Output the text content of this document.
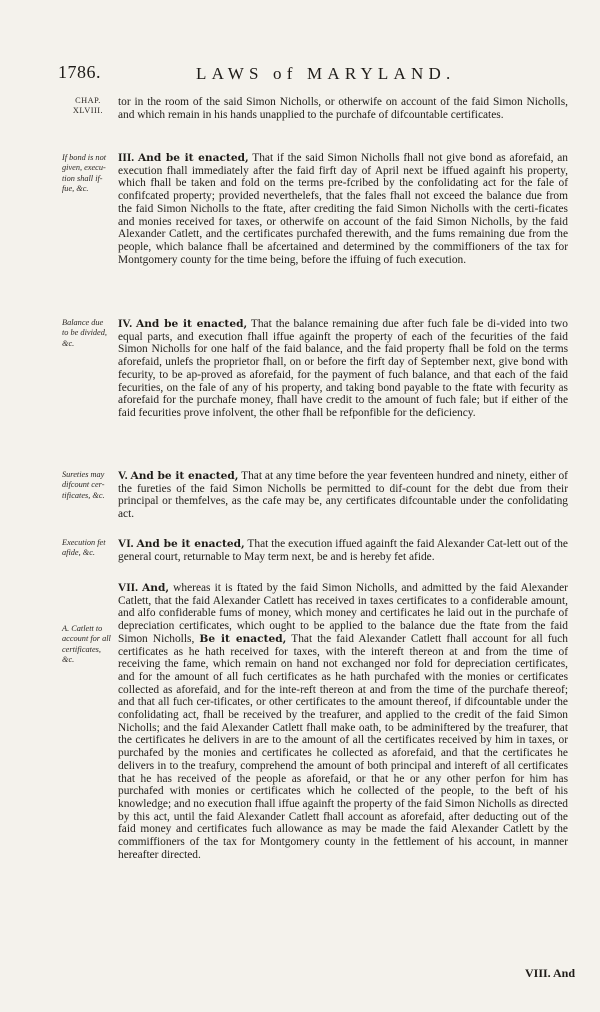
1786.	LAWS of MARYLAND.
CHAP.
XLVIII.

tor in the room of the said Simon Nicholls, or otherwife on account of the faid Simon Nicholls, and which remain in his hands unapplied to the purchafe of difcountable certificates.

If bond is not
given, execu-
tion shall if-
fue, &c.

III. And be it enacted, That if the said Simon Nicholls fhall not give bond as aforefaid, an execution fhall immediately after the faid firft day of April next be iffued againft his property, which fhall be taken and fold on the terms pre-fcribed by the confolidating act for the fale of confifcated property; provided neverthelefs, that the fales fhall not exceed the balance due from the faid Simon Nicholls to the ftate, after crediting the faid Simon Nicholls with the certi-ficates and monies received for taxes, or otherwife on account of the faid Simon Nicholls, by the faid Alexander Catlett, and the certificates purchafed therewith, and the fums remaining due from the people, which balance fhall be afcertained and determined by the commiffioners of the tax for Montgomery county for the time being, before the iffuing of fuch execution.

Balance due
to be divided,
&c.

IV. And be it enacted, That the balance remaining due after fuch fale be di-vided into two equal parts, and execution fhall iffue againft the property of each of the fecurities of the faid Simon Nicholls for one half of the faid balance, and the faid property fhall be fold on the terms aforefaid, unlefs the proprietor fhall, on or before the firft day of September next, give bond with fecurity, to be ap-proved as aforefaid, for the payment of fuch balance, and that each of the faid fecurities, on the fale of any of his property, and taking bond payable to the ftate with fecurity as aforefaid for the purchafe money, fhall have credit to the amount of fuch fale; but if either of the faid fecurities prove infolvent, the other fhall be refponfible for the deficiency.

Sureties may
difcount cer-
tificates, &c.

V. And be it enacted, That at any time before the year feventeen hundred and ninety, either of the fureties of the faid Simon Nicholls be permitted to dif-count for the debt due from their principal or themfelves, as the cafe may be, any certificates difcountable under the confolidating act.

Execution fet
afide, &c.

VI. And be it enacted, That the execution iffued againft the faid Alexander Cat-lett out of the general court, returnable to May term next, be and is hereby fet afide.

A. Catlett to
account for all
certificates,
&c.

VII. And, whereas it is ftated by the faid Simon Nicholls, and admitted by the faid Alexander Catlett, that the faid Alexander Catlett has received in taxes certificates to a confiderable amount, and alfo confiderable fums of money, which money and certificates he laid out in the purchafe of depreciation certificates, which ought to be applied to the balance due the ftate from the faid Simon Nicholls, Be it enacted, That the faid Alexander Catlett fhall account for all fuch certificates as he hath received for taxes, with the intereft thereon at and from the time of receiving the fame, which remain on hand not exchanged nor fold for depreciation certificates, and for the amount of all fuch certificates as he hath purchafed with the monies or certificates collected as aforefaid, and for the inte-reft thereon at and from the time of the purchafe thereof; and that all fuch cer-tificates, or other certificates to the amount thereof, if difcountable under the confolidating act, fhall be received by the treafurer, and applied to the credit of the faid Simon Nicholls; and the faid Alexander Catlett fhall make oath, to be adminiftered by the treafurer, that the certificates he delivers in are to the amount of all the certificates received by him in taxes, or purchafed by the monies and certificates he collected as aforefaid, and that the certificates he delivers in to the treafury, comprehend the amount of both principal and intereft of all certificates that he has received of the people as aforefaid, or that he or any other perfon for him has purchafed with monies or certificates which he collected of the people, to the beft of his knowledge; and no execution fhall iffue againft the property of the faid Simon Nicholls as directed by this act, until the faid Alexander Catlett fhall account as aforefaid, after deducting out of the faid money and certificates fuch allowance as may be made the faid Alexander Catlett by the commiffioners of the tax for Montgomery county in the fettlement of his account, in manner hereafter directed.

VIII. And
